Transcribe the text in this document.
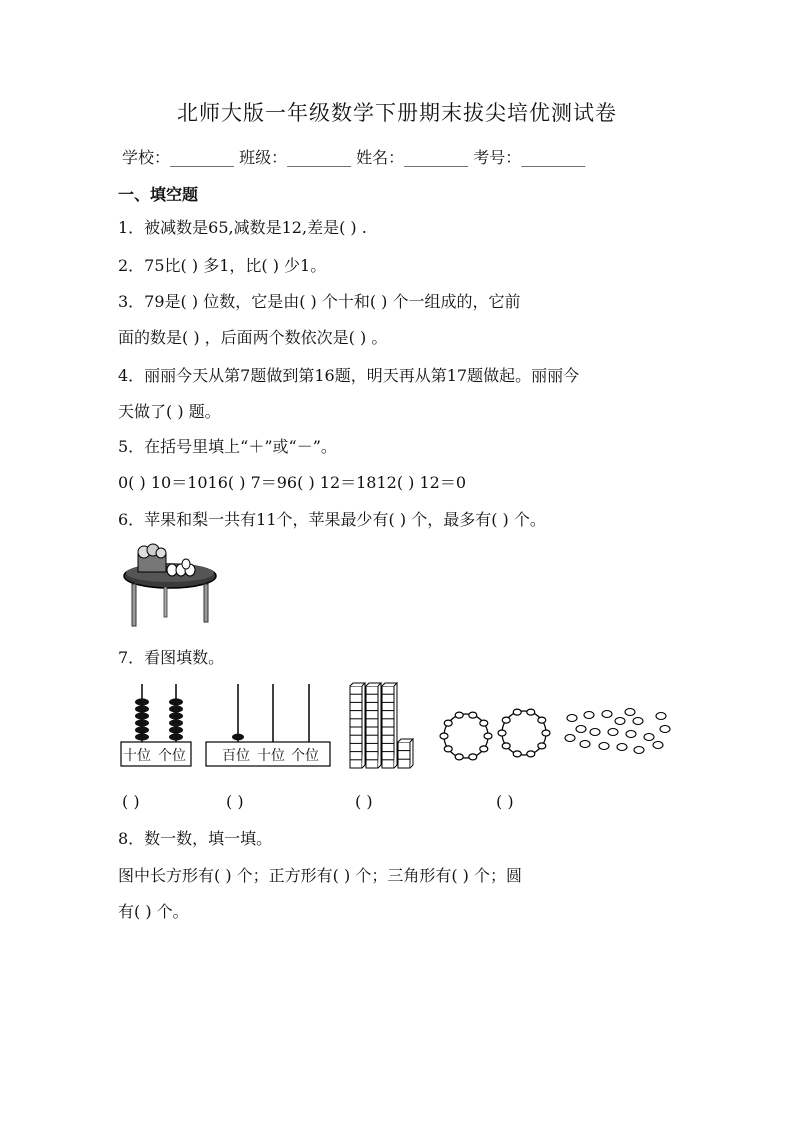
北师大版一年级数学下册期末拔尖培优测试卷
学校：________ 班级：________ 姓名：________ 考号：________
一、填空题
1．被减数是65,减数是12,差是( ) .
2．75比( ) 多1，比( ) 少1。
3．79是( ) 位数，它是由( ) 个十和( ) 个一组成的，它前
面的数是( ) ，后面两个数依次是( ) 。
4．丽丽今天从第7题做到第16题，明天再从第17题做起。丽丽今
天做了( ) 题。
5．在括号里填上“＋”或“－”。
0( ) 10＝1016( ) 7＝96( ) 12＝1812( ) 12＝0
6．苹果和梨一共有11个，苹果最少有( ) 个，最多有( ) 个。
7．看图填数。
十位 个位	百位 十位 个位
( )	( )	( )	( )
8．数一数，填一填。
图中长方形有( ) 个；正方形有( ) 个；三角形有( ) 个；圆
有( ) 个。
